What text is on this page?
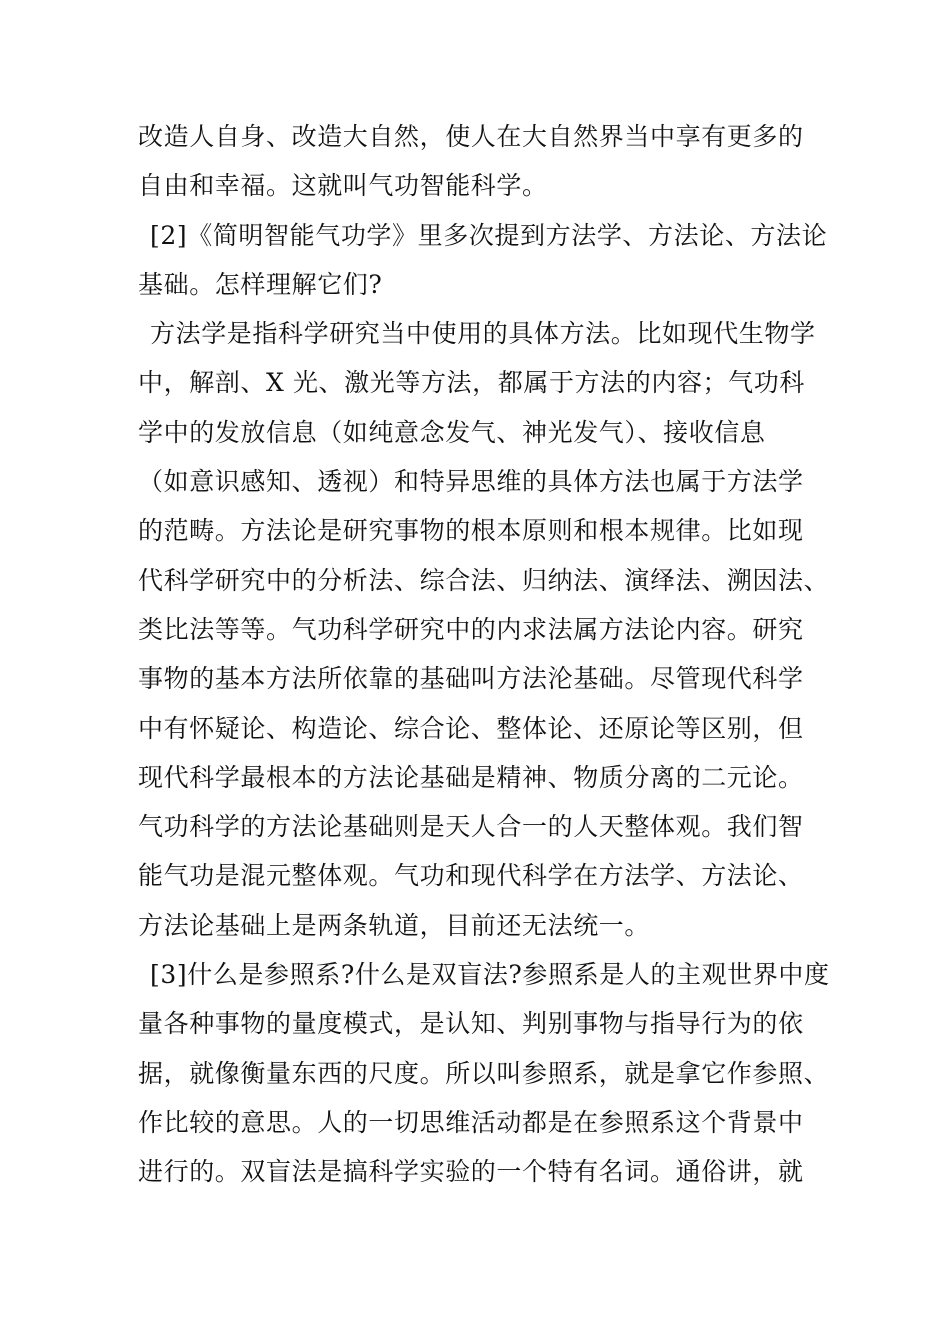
改造人自身、改造大自然，使人在大自然界当中享有更多的
自由和幸福。这就叫气功智能科学。
[2]《简明智能气功学》里多次提到方法学、方法论、方法论
基础。怎样理解它们?
方法学是指科学研究当中使用的具体方法。比如现代生物学
中，解剖、X 光、激光等方法，都属于方法的内容；气功科
学中的发放信息（如纯意念发气、神光发气）、接收信息
（如意识感知、透视）和特异思维的具体方法也属于方法学
的范畴。方法论是研究事物的根本原则和根本规律。比如现
代科学研究中的分析法、综合法、归纳法、演绎法、溯因法、
类比法等等。气功科学研究中的内求法属方法论内容。研究
事物的基本方法所依靠的基础叫方法沦基础。尽管现代科学
中有怀疑论、构造论、综合论、整体论、还原论等区别，但
现代科学最根本的方法论基础是精神、物质分离的二元论。
气功科学的方法论基础则是天人合一的人天整体观。我们智
能气功是混元整体观。气功和现代科学在方法学、方法论、
方法论基础上是两条轨道，目前还无法统一。
[3]什么是参照系?什么是双盲法?参照系是人的主观世界中度
量各种事物的量度模式，是认知、判别事物与指导行为的依
据，就像衡量东西的尺度。所以叫参照系，就是拿它作参照、
作比较的意思。人的一切思维活动都是在参照系这个背景中
进行的。双盲法是搞科学实验的一个特有名词。通俗讲，就
